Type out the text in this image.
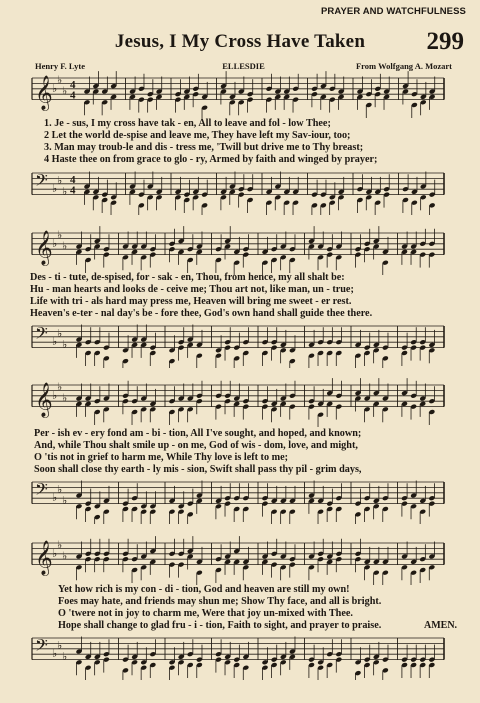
PRAYER AND WATCHFULNESS
Jesus, I My Cross Have Taken	299
Henry F. Lyte	ELLESDIE	From Wolfgang A. Mozart
𝄞 ♭
♭
♭ 4
4
1. Je - sus, I my cross have tak - en, All to leave and fol - low Thee;
2 Let the world de-spise and leave me, They have left my Sav-iour, too;
3. Man may troub-le and dis - tress me, 'Twill but drive me to Thy breast;
4 Haste thee on from grace to glo - ry, Armed by faith and winged by prayer;
𝄢 ♭
♭
♭
4
4
𝄞 ♭
♭
♭
Des - ti - tute, de-spised, for - sak - en, Thou, from hence, my all shalt be:
Hu - man hearts and looks de - ceive me; Thou art not, like man, un - true;
Life with tri - als hard may press me, Heaven will bring me sweet - er rest.
Heaven's e-ter - nal day's be - fore thee, God's own hand shall guide thee there.
𝄢 ♭
♭
♭
𝄞 ♭
♭
♭
Per - ish ev - ery fond am - bi - tion, All I've sought, and hoped, and known;
And, while Thou shalt smile up - on me, God of wis - dom, love, and might,
O 'tis not in grief to harm me, While Thy love is left to me;
Soon shall close thy earth - ly mis - sion, Swift shall pass thy pil - grim days,
𝄢 ♭
♭
♭
𝄞 ♭
♭
♭
Yet how rich is my con - di - tion, God and heaven are still my own!
Foes may hate, and friends may shun me; Show Thy face, and all is bright.
O 'twere not in joy to charm me, Were that joy un-mixed with Thee.
Hope shall change to glad fru - i - tion, Faith to sight, and prayer to praise.	AMEN.
𝄢 ♭
♭
♭
